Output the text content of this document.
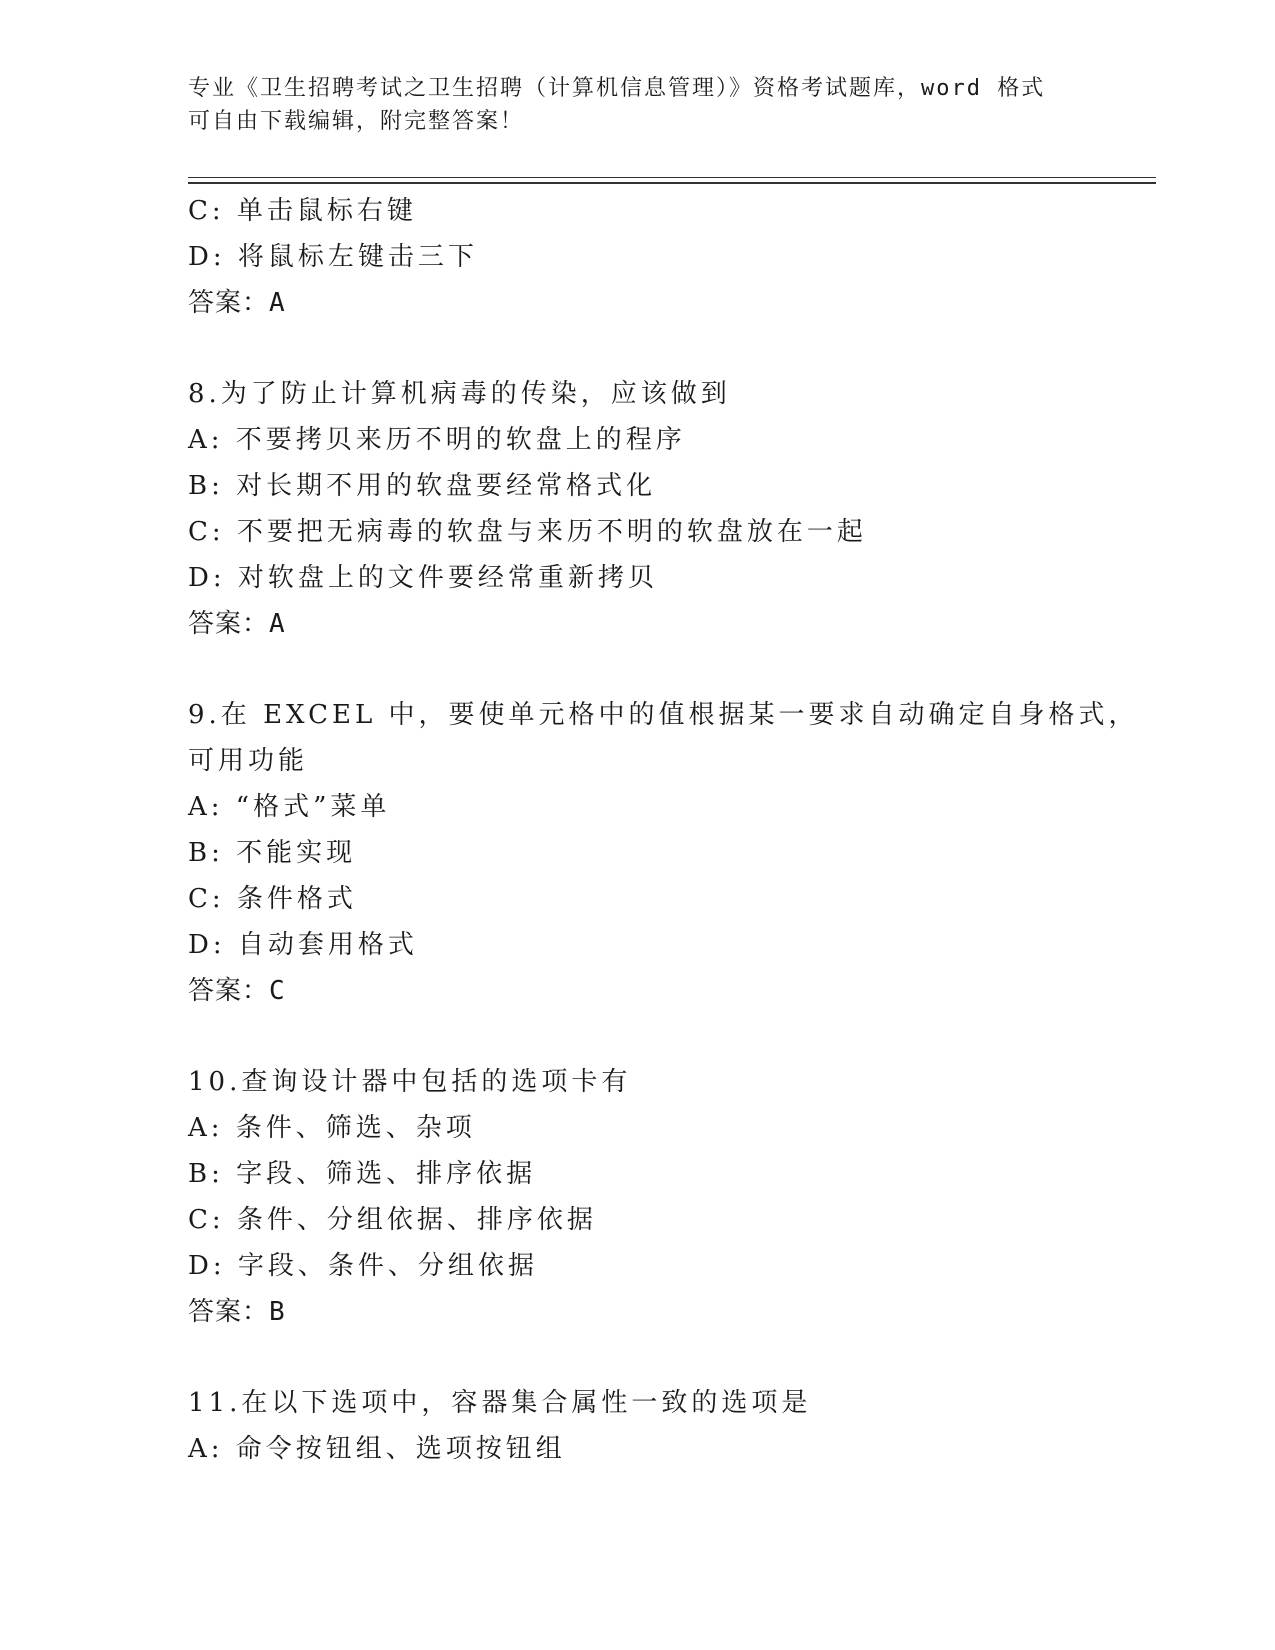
专业《卫生招聘考试之卫生招聘（计算机信息管理）》资格考试题库，word 格式
可自由下载编辑，附完整答案！
C: 单击鼠标右键
D: 将鼠标左键击三下
答案：A
8.为了防止计算机病毒的传染，应该做到
A: 不要拷贝来历不明的软盘上的程序
B: 对长期不用的软盘要经常格式化
C: 不要把无病毒的软盘与来历不明的软盘放在一起
D: 对软盘上的文件要经常重新拷贝
答案：A
9.在 EXCEL 中，要使单元格中的值根据某一要求自动确定自身格式，
可用功能
A: “格式”菜单
B: 不能实现
C: 条件格式
D: 自动套用格式
答案：C
10.查询设计器中包括的选项卡有
A: 条件、筛选、杂项
B: 字段、筛选、排序依据
C: 条件、分组依据、排序依据
D: 字段、条件、分组依据
答案：B
11.在以下选项中，容器集合属性一致的选项是
A: 命令按钮组、选项按钮组
